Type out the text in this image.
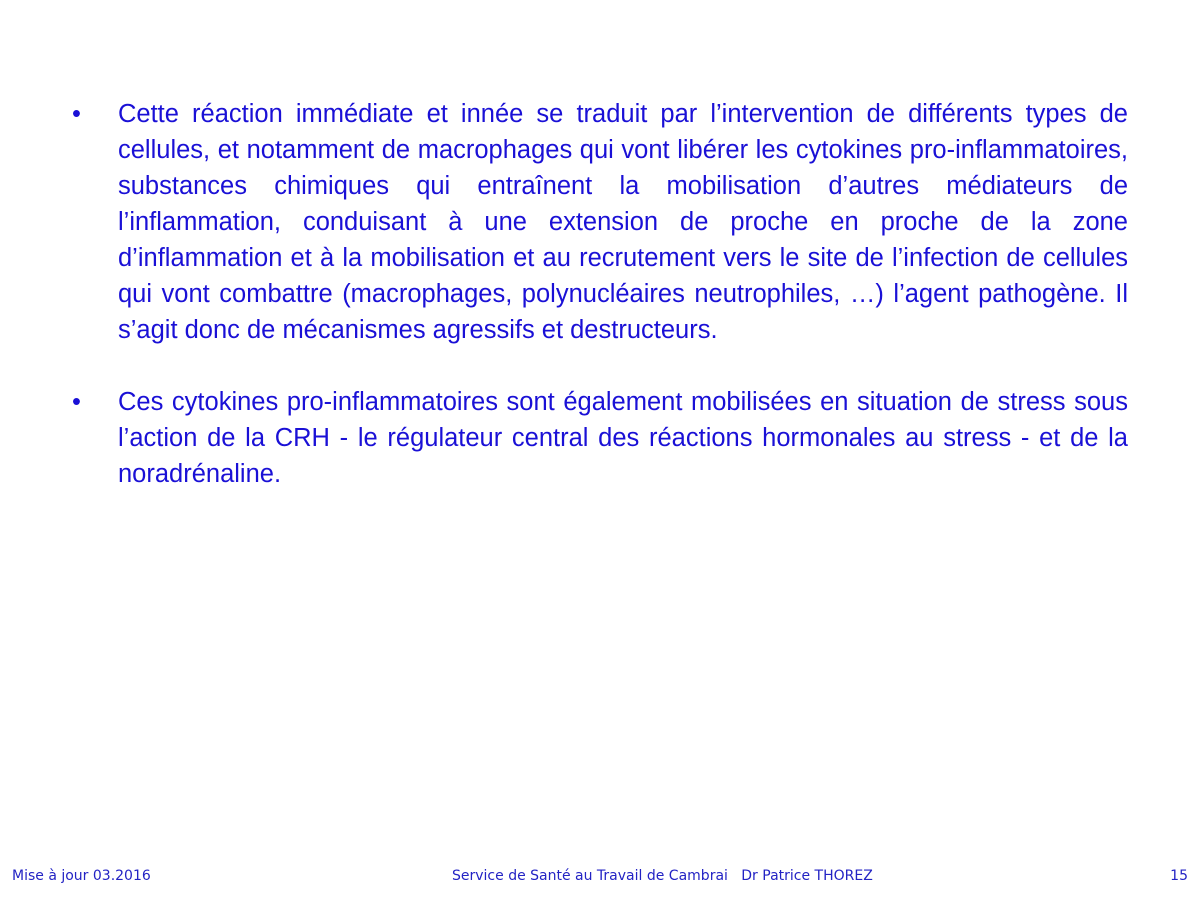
•	Cette réaction immédiate et innée se traduit par l’intervention de différents types de cellules, et notamment de macrophages qui vont libérer les cytokines pro-inflammatoires, substances chimiques qui entraînent la mobilisation d’autres médiateurs de l’inflammation, conduisant à une extension de proche en proche de la zone d’inflammation et à la mobilisation et au recrutement vers le site de l’infection de cellules qui vont combattre (macrophages, polynucléaires neutrophiles, …) l’agent pathogène. Il s’agit donc de mécanismes agressifs et destructeurs.
•	Ces cytokines pro-inflammatoires sont également mobilisées en situation de stress sous l’action de la CRH - le régulateur central des réactions hormonales au stress - et de la noradrénaline.
Mise à jour 03.2016	Service de Santé au Travail de Cambrai   Dr Patrice THOREZ	15
